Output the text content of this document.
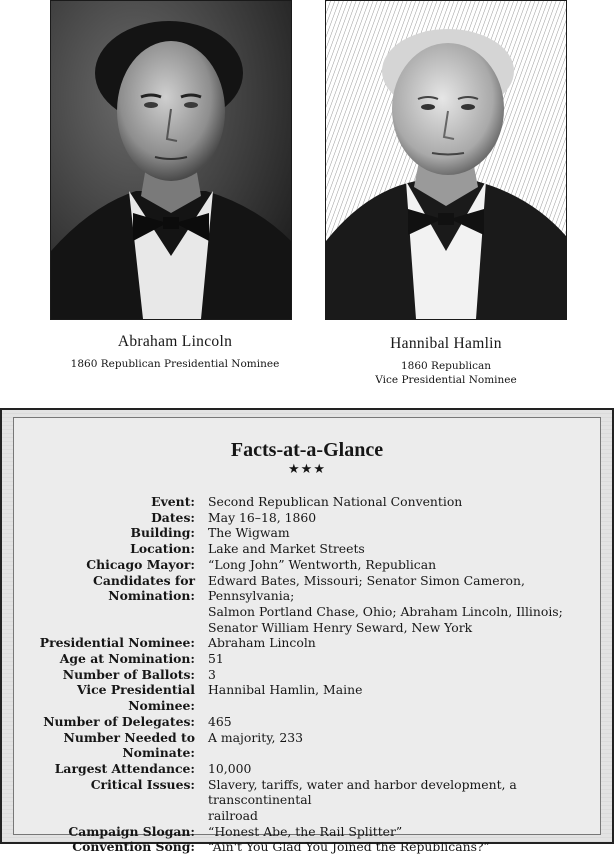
Abraham Lincoln
1860 Republican Presidential Nominee
Hannibal Hamlin
1860 Republican
Vice Presidential Nominee
Facts-at-a-Glance
★★★
Event: Second Republican National Convention
Dates: May 16–18, 1860
Building: The Wigwam
Location: Lake and Market Streets
Chicago Mayor: “Long John” Wentworth, Republican
Candidates for Nomination:
Edward Bates, Missouri; Senator Simon Cameron, Pennsylvania;
Salmon Portland Chase, Ohio; Abraham Lincoln, Illinois;
Senator William Henry Seward, New York
Presidential Nominee: Abraham Lincoln
Age at Nomination: 51
Number of Ballots: 3
Vice Presidential Nominee:
Hannibal Hamlin, Maine
Number of Delegates: 465
Number Needed to Nominate:
A majority, 233
Largest Attendance: 10,000
Critical Issues: Slavery, tariffs, water and harbor development, a transcontinental
railroad
Campaign Slogan: “Honest Abe, the Rail Splitter”
Convention Song: “Ain't You Glad You Joined the Republicans?”
